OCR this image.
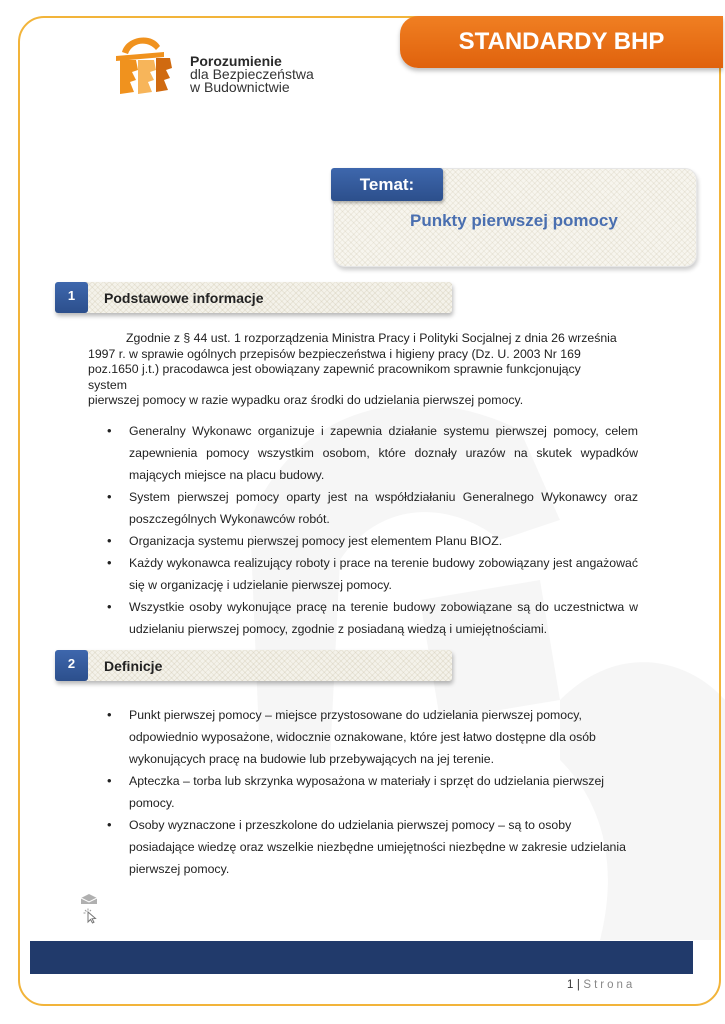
STANDARDY BHP
Porozumienie
dla Bezpieczeństwa
w Budownictwie
Temat:
Punkty pierwszej pomocy
1	Podstawowe informacje
Zgodnie z § 44 ust. 1 rozporządzenia Ministra Pracy i Polityki Socjalnej z dnia 26 września
1997 r. w sprawie ogólnych przepisów bezpieczeństwa i higieny pracy (Dz. U. 2003 Nr 169
poz.1650 j.t.) pracodawca jest obowiązany zapewnić pracownikom sprawnie funkcjonujący system
pierwszej pomocy w razie wypadku oraz środki do udzielania pierwszej pomocy.
• Generalny Wykonawc organizuje i zapewnia działanie systemu pierwszej pomocy, celem zapewnienia pomocy wszystkim osobom, które doznały urazów na skutek wypadków mających miejsce na placu budowy.
• System pierwszej pomocy oparty jest na współdziałaniu Generalnego Wykonawcy oraz poszczególnych Wykonawców robót.
• Organizacja systemu pierwszej pomocy jest elementem Planu BIOZ.
• Każdy wykonawca realizujący roboty i prace na terenie budowy zobowiązany jest angażować się w organizację i udzielanie pierwszej pomocy.
• Wszystkie osoby wykonujące pracę na terenie budowy zobowiązane są do uczestnictwa w udzielaniu pierwszej pomocy, zgodnie z posiadaną wiedzą i umiejętnościami.
2	Definicje
• Punkt pierwszej pomocy – miejsce przystosowane do udzielania pierwszej pomocy,
odpowiednio wyposażone, widocznie oznakowane, które jest łatwo dostępne dla osób
wykonujących pracę na budowie lub przebywających na jej terenie.
• Apteczka – torba lub skrzynka wyposażona w materiały i sprzęt do udzielania pierwszej
pomocy.
• Osoby wyznaczone i przeszkolone do udzielania pierwszej pomocy – są to osoby
posiadające wiedzę oraz wszelkie niezbędne umiejętności niezbędne w zakresie udzielania
pierwszej pomocy.
1 | Strona
